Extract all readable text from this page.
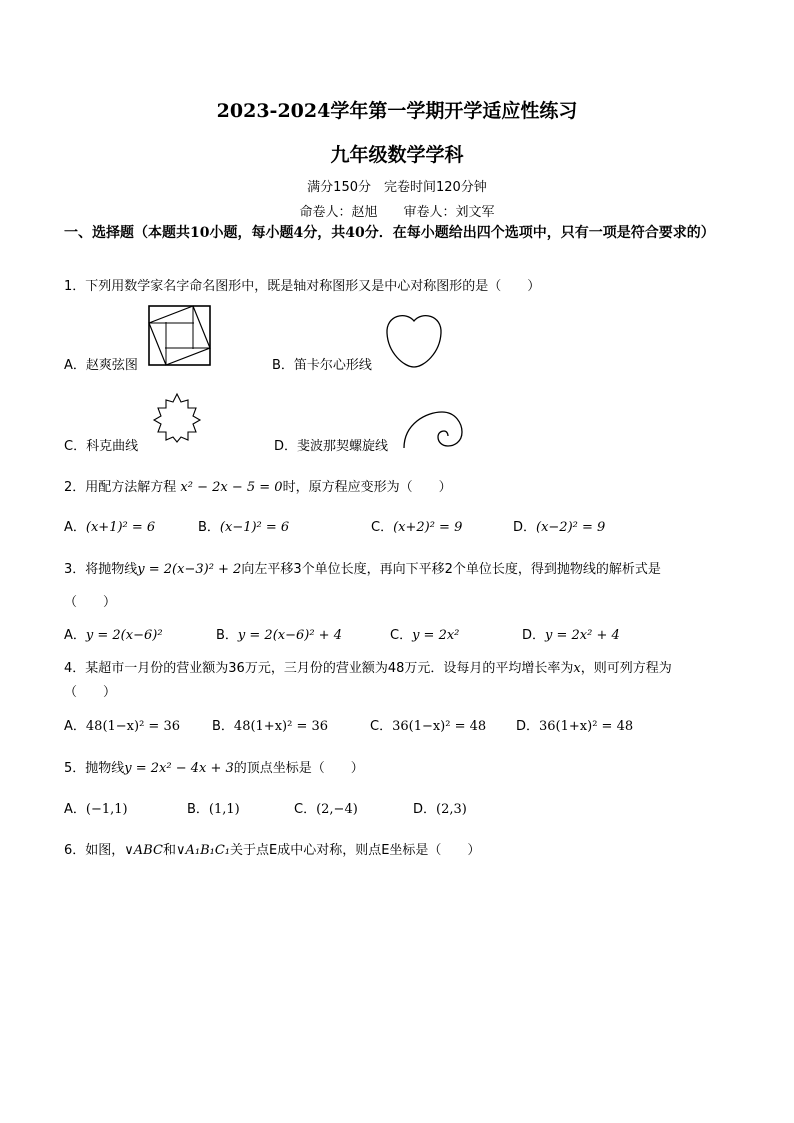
2023-2024学年第一学期开学适应性练习
九年级数学学科
满分150分　完卷时间120分钟
命卷人：赵旭　　审卷人：刘文军
一、选择题（本题共10小题，每小题4分，共40分．在每小题给出四个选项中，只有一项是符合要求的）
1．下列用数学家名字命名图形中，既是轴对称图形又是中心对称图形的是（　　）
A．赵爽弦图	B．笛卡尔心形线
C．科克曲线	D．斐波那契螺旋线
2．用配方法解方程 x² − 2x − 5 = 0时，原方程应变形为（　　）
A．(x+1)² = 6	B．(x−1)² = 6	C．(x+2)² = 9	D．(x−2)² = 9
3．将抛物线y = 2(x−3)² + 2向左平移3个单位长度，再向下平移2个单位长度，得到抛物线的解析式是
（　　）
A．y = 2(x−6)²	B．y = 2(x−6)² + 4	C．y = 2x²	D．y = 2x² + 4
4．某超市一月份的营业额为36万元，三月份的营业额为48万元．设每月的平均增长率为x，则可列方程为
（　　）
A．48(1−x)² = 36 B．48(1+x)² = 36	C．36(1−x)² = 48 D．36(1+x)² = 48
5．抛物线y = 2x² − 4x + 3的顶点坐标是（　　）
A．(−1,1)	B．(1,1)	C．(2,−4)	D．(2,3)
6．如图，∨ABC和∨A₁B₁C₁关于点E成中心对称，则点E坐标是（　　）
